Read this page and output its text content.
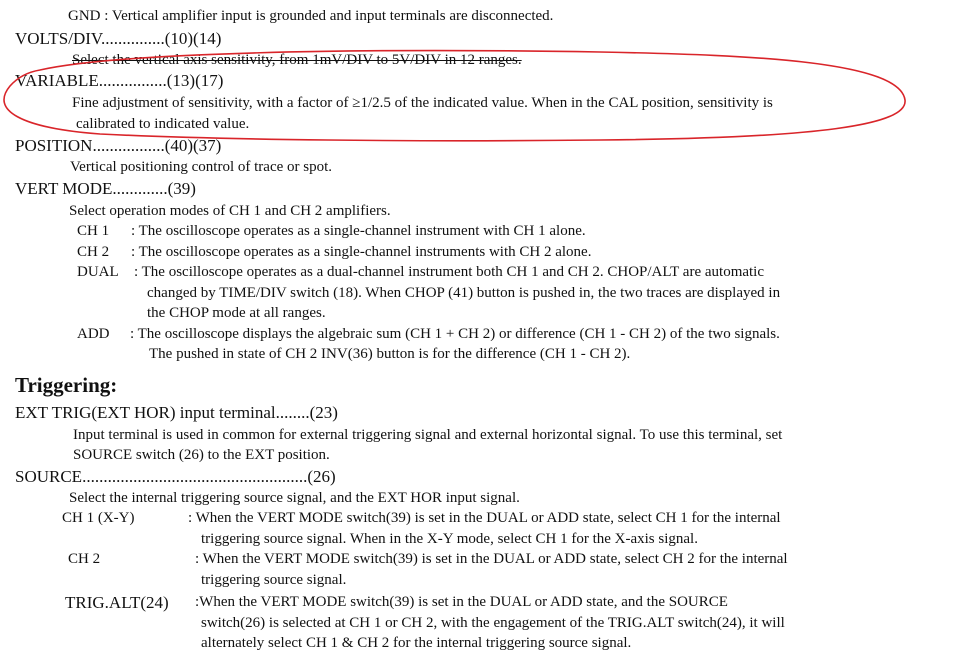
GND : Vertical amplifier input is grounded and input terminals are disconnected.
VOLTS/DIV...............(10)(14)
Select the vertical axis sensitivity, from 1mV/DIV to 5V/DIV in 12 ranges.
VARIABLE................(13)(17)
Fine adjustment of sensitivity, with a factor of ≥1/2.5 of the indicated value. When in the CAL position, sensitivity is
calibrated to indicated value.
POSITION.................(40)(37)
Vertical positioning control of trace or spot.
VERT MODE.............(39)
Select operation modes of CH 1 and CH 2 amplifiers.
CH 1 : The oscilloscope operates as a single-channel instrument with CH 1 alone.
CH 2 : The oscilloscope operates as a single-channel instruments with CH 2 alone.
DUAL : The oscilloscope operates as a dual-channel instrument both CH 1 and CH 2. CHOP/ALT are automatic
changed by TIME/DIV switch (18). When CHOP (41) button is pushed in, the two traces are displayed in
the CHOP mode at all ranges.
ADD : The oscilloscope displays the algebraic sum (CH 1 + CH 2) or difference (CH 1 - CH 2) of the two signals.
The pushed in state of CH 2 INV(36) button is for the difference (CH 1 - CH 2).
Triggering:
EXT TRIG(EXT HOR) input terminal........(23)
Input terminal is used in common for external triggering signal and external horizontal signal. To use this terminal, set
SOURCE switch (26) to the EXT position.
SOURCE.....................................................(26)
Select the internal triggering source signal, and the EXT HOR input signal.
CH 1 (X-Y)	: When the VERT MODE switch(39) is set in the DUAL or ADD state, select CH 1 for the internal
triggering source signal. When in the X-Y mode, select CH 1 for the X-axis signal.
CH 2	: When the VERT MODE switch(39) is set in the DUAL or ADD state, select CH 2 for the internal
triggering source signal.
TRIG.ALT(24) :When the VERT MODE switch(39) is set in the DUAL or ADD state, and the SOURCE
switch(26) is selected at CH 1 or CH 2, with the engagement of the TRIG.ALT switch(24), it will
alternately select CH 1 & CH 2 for the internal triggering source signal.
